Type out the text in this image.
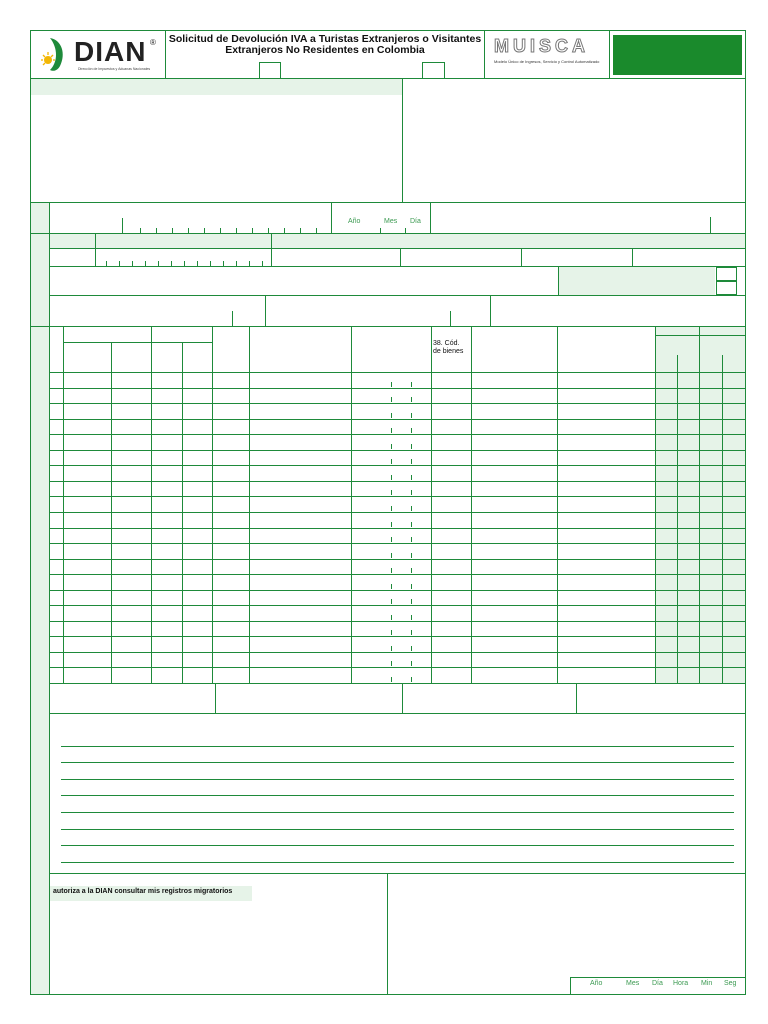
DIAN ®
Dirección de Impuestos y Aduanas Nacionales
Solicitud de Devolución IVA a Turistas Extranjeros o Visitantes
Extranjeros No Residentes en Colombia	MUISCA
Modelo Único de Ingresos, Servicio y Control Automatizado
Año	Mes Día
38. Cód.
de bienes
autoriza a la DIAN consultar mis registros migratorios
Año	Mes Día Hora Min Seg
